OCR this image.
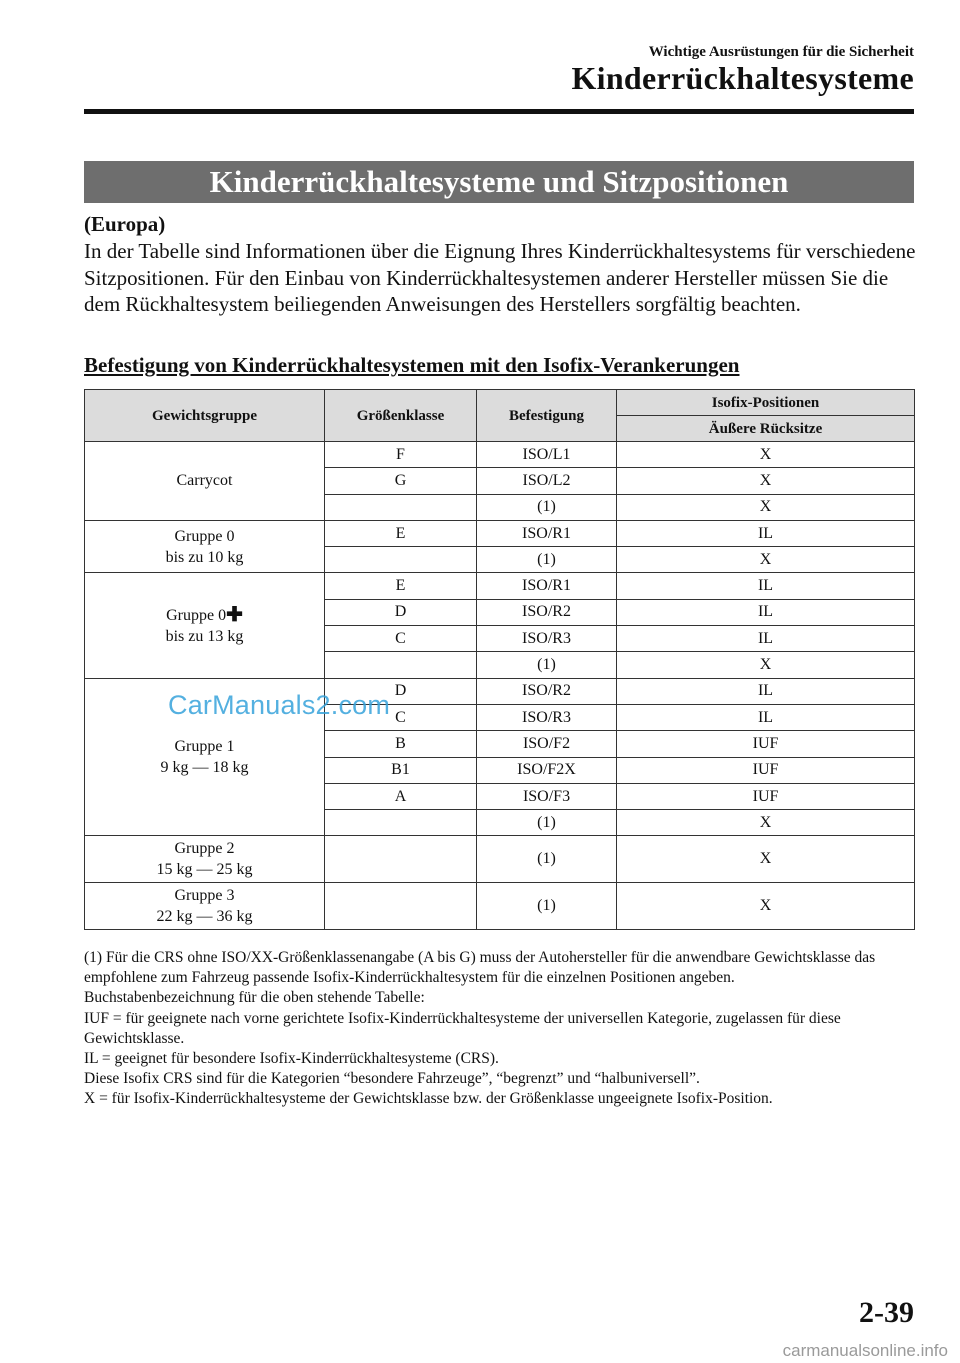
Wichtige Ausrüstungen für die Sicherheit
Kinderrückhaltesysteme
Kinderrückhaltesysteme und Sitzpositionen
(Europa)
In der Tabelle sind Informationen über die Eignung Ihres Kinderrückhaltesystems für verschiedene Sitzpositionen. Für den Einbau von Kinderrückhaltesystemen anderer Hersteller müssen Sie die dem Rückhaltesystem beiliegenden Anweisungen des Herstellers sorgfältig beachten.
Befestigung von Kinderrückhaltesystemen mit den Isofix-Verankerungen
Gewichtsgruppe	Größenklasse	Befestigung	Isofix-Positionen
			Äußere Rücksitze
Carrycot	F	ISO/L1	X
	G	ISO/L2	X
		(1)	X
Gruppe 0
bis zu 10 kg	E	ISO/R1	IL
		(1)	X
Gruppe 0✚
bis zu 13 kg	E	ISO/R1	IL
	D	ISO/R2	IL
	C	ISO/R3	IL
		(1)	X
Gruppe 1
9 kg — 18 kg	D	ISO/R2	IL
	C	ISO/R3	IL
	B	ISO/F2	IUF
	B1	ISO/F2X	IUF
	A	ISO/F3	IUF
		(1)	X
Gruppe 2
15 kg — 25 kg		(1)	X
Gruppe 3
22 kg — 36 kg		(1)	X
CarManuals2.com

(1) Für die CRS ohne ISO/XX-Größenklassenangabe (A bis G) muss der Autohersteller für die anwendbare Gewichtsklasse das empfohlene zum Fahrzeug passende Isofix-Kinderrückhaltesystem für die einzelnen Positionen angeben.

Buchstabenbezeichnung für die oben stehende Tabelle:

IUF = für geeignete nach vorne gerichtete Isofix-Kinderrückhaltesysteme der universellen Kategorie, zugelassen für diese Gewichtsklasse.

IL = geeignet für besondere Isofix-Kinderrückhaltesysteme (CRS).

Diese Isofix CRS sind für die Kategorien “besondere Fahrzeuge”, “begrenzt” und “halbuniversell”.

X = für Isofix-Kinderrückhaltesysteme der Gewichtsklasse bzw. der Größenklasse ungeeignete Isofix-Position.

2-39
carmanualsonline.info
